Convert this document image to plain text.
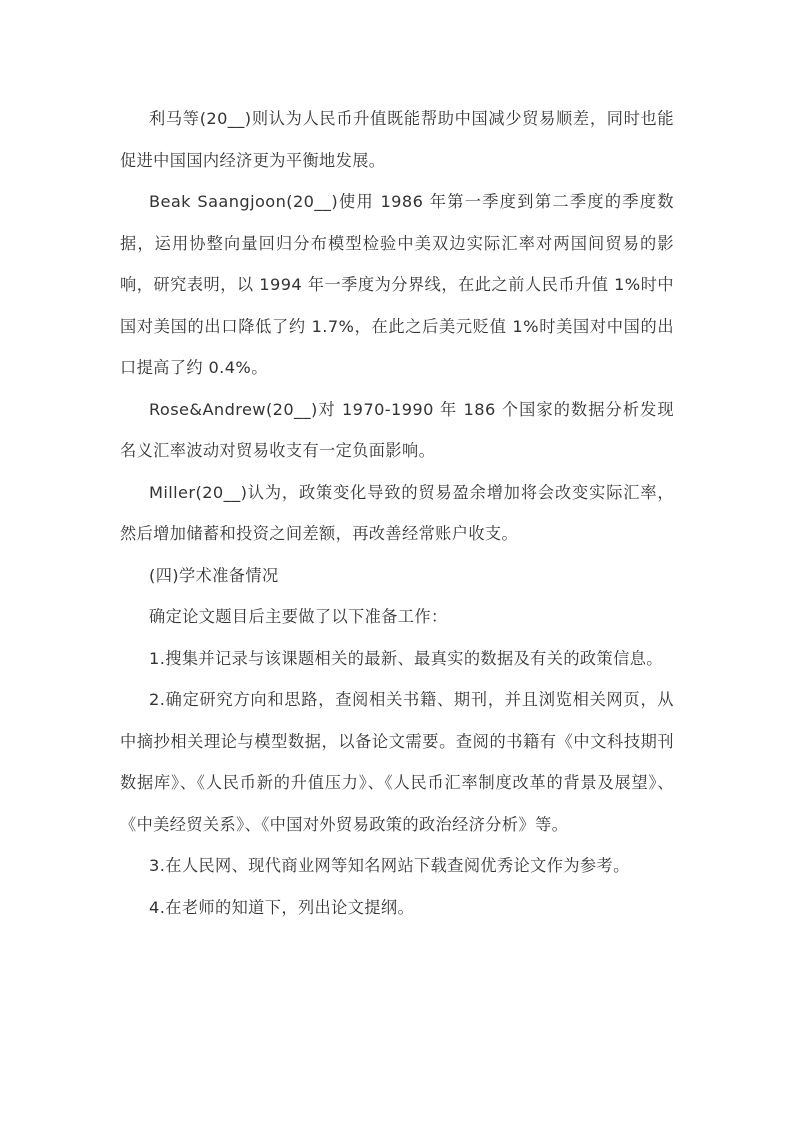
利马等(20__)则认为人民币升值既能帮助中国减少贸易顺差，同时也能促进中国国内经济更为平衡地发展。

Beak Saangjoon(20__)使用 1986 年第一季度到第二季度的季度数据，运用协整向量回归分布模型检验中美双边实际汇率对两国间贸易的影响，研究表明，以 1994 年一季度为分界线，在此之前人民币升值 1%时中国对美国的出口降低了约 1.7%，在此之后美元贬值 1%时美国对中国的出口提高了约 0.4%。

Rose&Andrew(20__)对 1970-1990 年 186 个国家的数据分析发现名义汇率波动对贸易收支有一定负面影响。

Miller(20__)认为，政策变化导致的贸易盈余增加将会改变实际汇率，然后增加储蓄和投资之间差额，再改善经常账户收支。

(四)学术准备情况

确定论文题目后主要做了以下准备工作：

1.搜集并记录与该课题相关的最新、最真实的数据及有关的政策信息。

2.确定研究方向和思路，查阅相关书籍、期刊，并且浏览相关网页，从中摘抄相关理论与模型数据，以备论文需要。查阅的书籍有《中文科技期刊数据库》、《人民币新的升值压力》、《人民币汇率制度改革的背景及展望》、《中美经贸关系》、《中国对外贸易政策的政治经济分析》等。

3.在人民网、现代商业网等知名网站下载查阅优秀论文作为参考。

4.在老师的知道下，列出论文提纲。
